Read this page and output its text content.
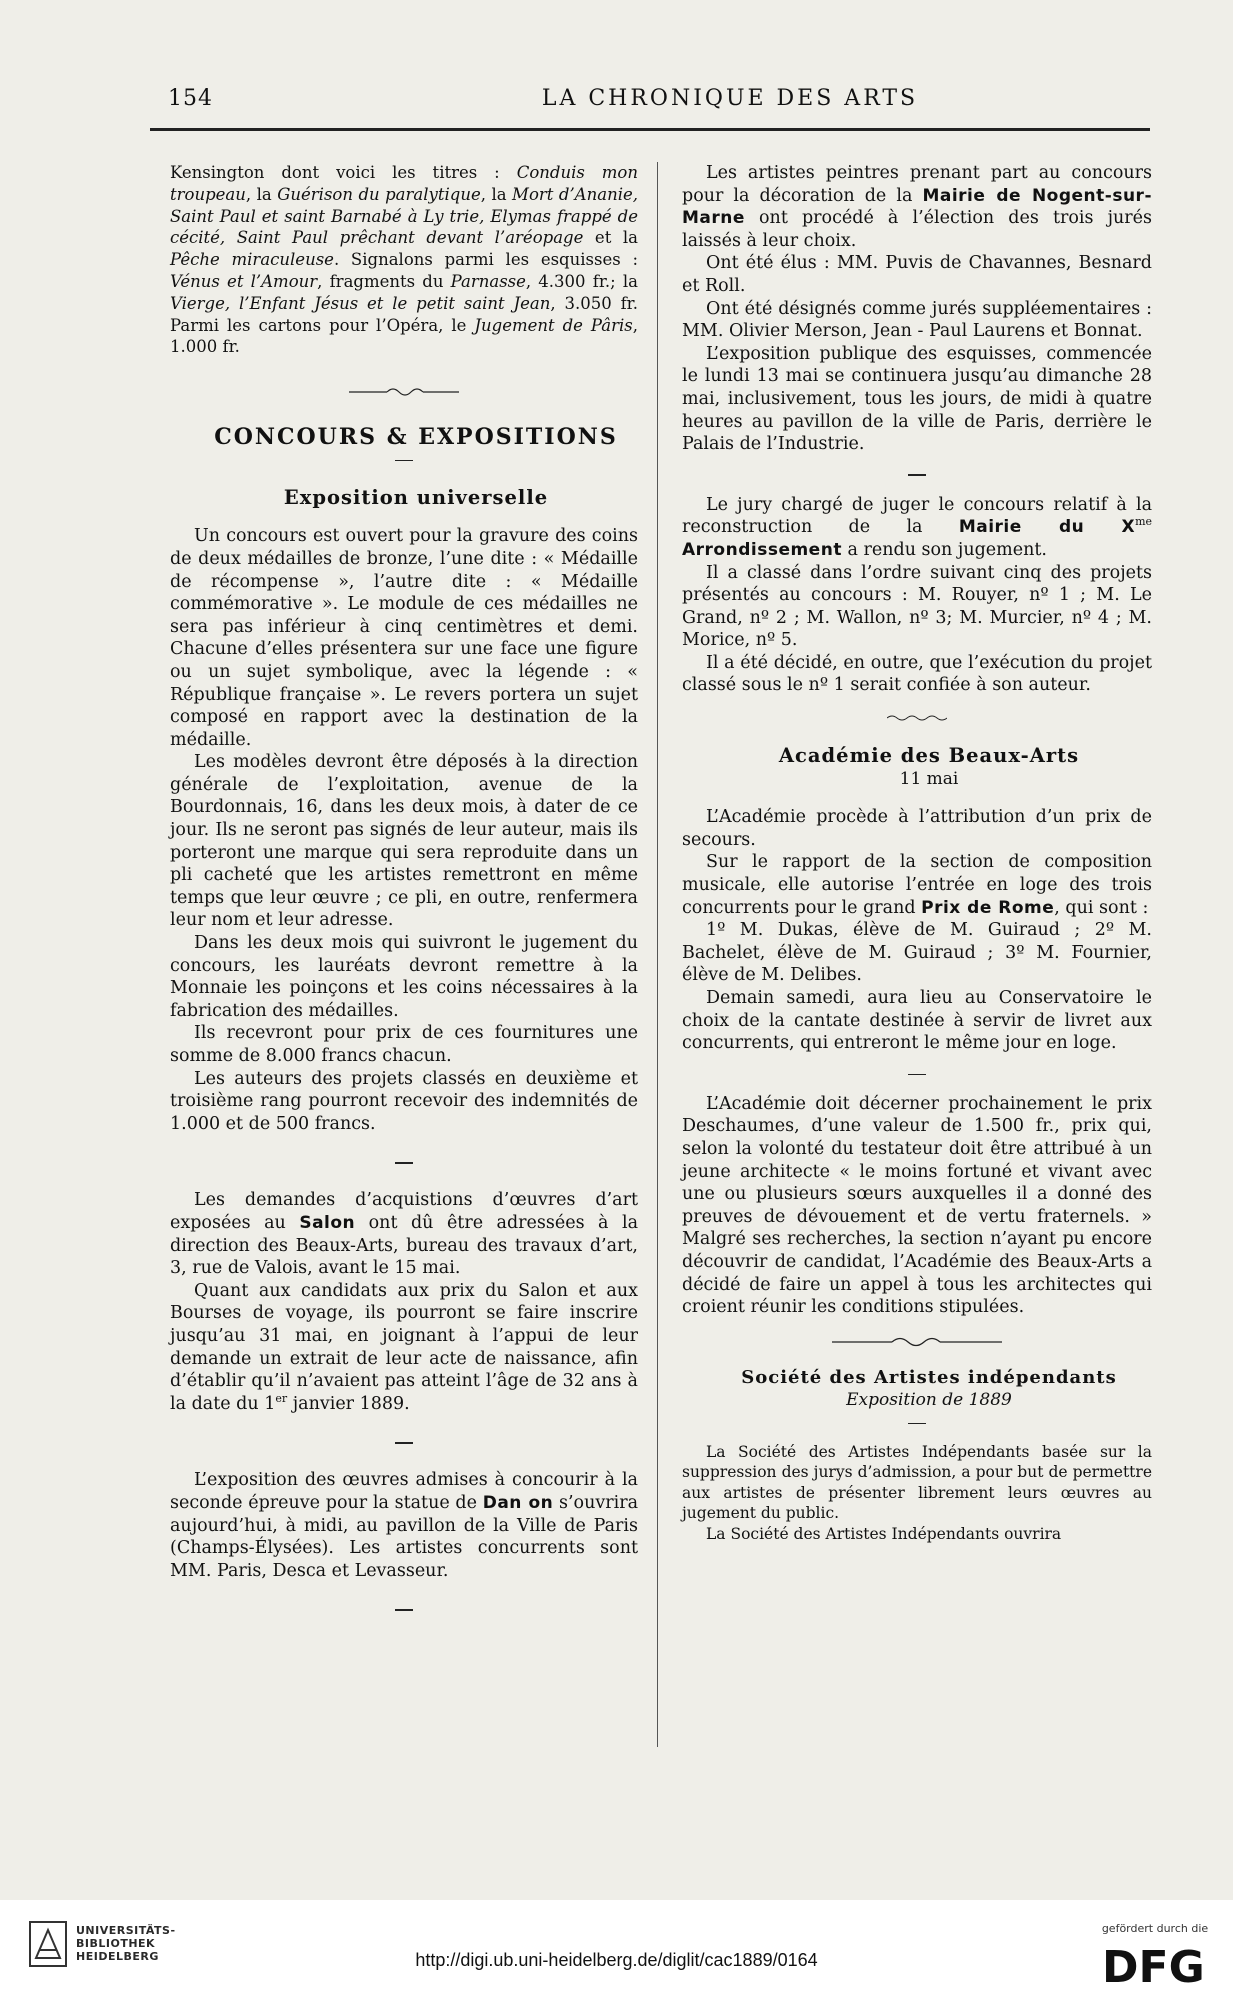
154	LA CHRONIQUE DES ARTS

Kensington dont voici les titres : Conduis mon troupeau, la Guérison du paralytique, la Mort d’Ananie, Saint Paul et saint Barnabé à Ly trie, Elymas frappé de cécité, Saint Paul prêchant devant l’aréopage et la Pêche miraculeuse. Signalons parmi les esquisses : Vénus et l’Amour, fragments du Parnasse, 4.300 fr.; la Vierge, l’Enfant Jésus et le petit saint Jean, 3.050 fr. Parmi les cartons pour l’Opéra, le Jugement de Pâris, 1.000 fr.

CONCOURS & EXPOSITIONS

Exposition universelle

Un concours est ouvert pour la gravure des coins de deux médailles de bronze, l’une dite : « Médaille de récompense », l’autre dite : « Médaille commémorative ». Le module de ces médailles ne sera pas inférieur à cinq centimètres et demi. Chacune d’elles présentera sur une face une figure ou un sujet symbolique, avec la légende : « République française ». Le revers portera un sujet composé en rapport avec la destination de la médaille.

Les modèles devront être déposés à la direction générale de l’exploitation, avenue de la Bourdonnais, 16, dans les deux mois, à dater de ce jour. Ils ne seront pas signés de leur auteur, mais ils porteront une marque qui sera reproduite dans un pli cacheté que les artistes remettront en même temps que leur œuvre ; ce pli, en outre, renfermera leur nom et leur adresse.

Dans les deux mois qui suivront le jugement du concours, les lauréats devront remettre à la Monnaie les poinçons et les coins nécessaires à la fabrication des médailles.

Ils recevront pour prix de ces fournitures une somme de 8.000 francs chacun.

Les auteurs des projets classés en deuxième et troisième rang pourront recevoir des indemnités de 1.000 et de 500 francs.

Les demandes d’acquistions d’œuvres d’art exposées au Salon ont dû être adressées à la direction des Beaux-Arts, bureau des travaux d’art, 3, rue de Valois, avant le 15 mai.

Quant aux candidats aux prix du Salon et aux Bourses de voyage, ils pourront se faire inscrire jusqu’au 31 mai, en joignant à l’appui de leur demande un extrait de leur acte de naissance, afin d’établir qu’il n’avaient pas atteint l’âge de 32 ans à la date du 1er janvier 1889.

L’exposition des œuvres admises à concourir à la seconde épreuve pour la statue de Dan on s’ouvrira aujourd’hui, à midi, au pavillon de la Ville de Paris (Champs-Élysées). Les artistes concurrents sont MM. Paris, Desca et Levasseur.

Les artistes peintres prenant part au concours pour la décoration de la Mairie de Nogent-sur-Marne ont procédé à l’élection des trois jurés laissés à leur choix.

Ont été élus : MM. Puvis de Chavannes, Besnard et Roll.

Ont été désignés comme jurés suppléementaires : MM. Olivier Merson, Jean - Paul Laurens et Bonnat.

L’exposition publique des esquisses, commencée le lundi 13 mai se continuera jusqu’au dimanche 28 mai, inclusivement, tous les jours, de midi à quatre heures au pavillon de la ville de Paris, derrière le Palais de l’Industrie.

Le jury chargé de juger le concours relatif à la reconstruction de la Mairie du $X^{me}$ Arrondissement a rendu son jugement.

Il a classé dans l’ordre suivant cinq des projets présentés au concours : M. Rouyer, nº 1 ; M. Le Grand, nº 2 ; M. Wallon, nº 3; M. Murcier, nº 4 ; M. Morice, nº 5.

Il a été décidé, en outre, que l’exécution du projet classé sous le nº 1 serait confiée à son auteur.

Académie des Beaux-Arts

11 mai

L’Académie procède à l’attribution d’un prix de secours.

Sur le rapport de la section de composition musicale, elle autorise l’entrée en loge des trois concurrents pour le grand Prix de Rome, qui sont :

1º M. Dukas, élève de M. Guiraud ; 2º M. Bachelet, élève de M. Guiraud ; 3º M. Fournier, élève de M. Delibes.

Demain samedi, aura lieu au Conservatoire le choix de la cantate destinée à servir de livret aux concurrents, qui entreront le même jour en loge.

L’Académie doit décerner prochainement le prix Deschaumes, d’une valeur de 1.500 fr., prix qui, selon la volonté du testateur doit être attribué à un jeune architecte « le moins fortuné et vivant avec une ou plusieurs sœurs auxquelles il a donné des preuves de dévouement et de vertu fraternels. » Malgré ses recherches, la section n’ayant pu encore découvrir de candidat, l’Académie des Beaux-Arts a décidé de faire un appel à tous les architectes qui croient réunir les conditions stipulées.

Société des Artistes indépendants

Exposition de 1889

La Société des Artistes Indépendants basée sur la suppression des jurys d’admission, a pour but de permettre aux artistes de présenter librement leurs œuvres au jugement du public.

La Société des Artistes Indépendants ouvrira

UNIVERSITÄTS-
BIBLIOTHEK
HEIDELBERG	http://digi.ub.uni-heidelberg.de/diglit/cac1889/0164
gefördert durch die
DFG
